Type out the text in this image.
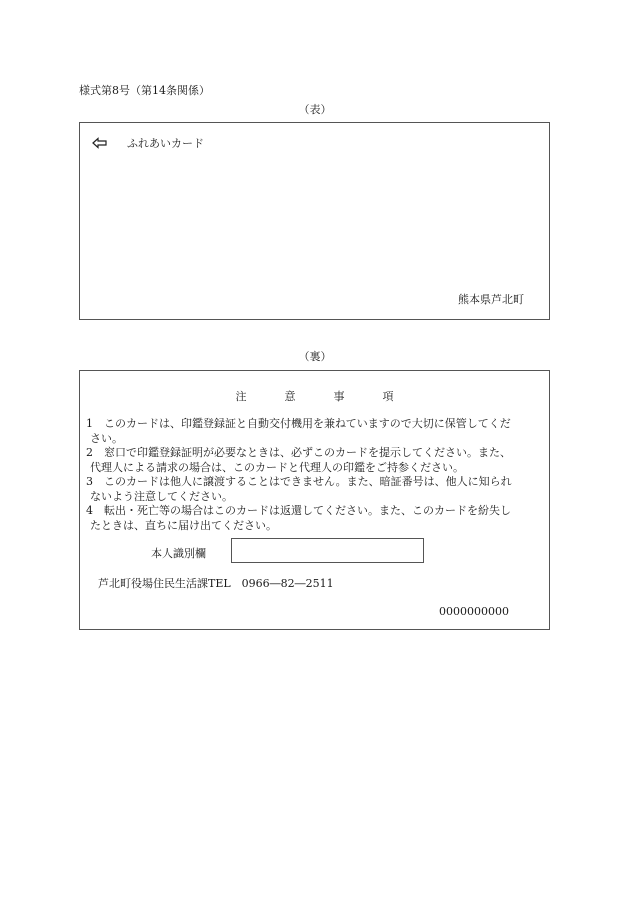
様式第8号（第14条関係）
（表）
ふれあいカード
熊本県芦北町
（裏）
注	意	事	項
1 このカードは、印鑑登録証と自動交付機用を兼ねていますので大切に保管してくだ
さい。
2 窓口で印鑑登録証明が必要なときは、必ずこのカードを提示してください。また、
代理人による請求の場合は、このカードと代理人の印鑑をご持参ください。
3 このカードは他人に譲渡することはできません。また、暗証番号は、他人に知られ
ないよう注意してください。
4 転出・死亡等の場合はこのカードは返還してください。また、このカードを紛失し
たときは、直ちに届け出てください。
本人識別欄
芦北町役場住民生活課TEL　0966―82―2511
0000000000
